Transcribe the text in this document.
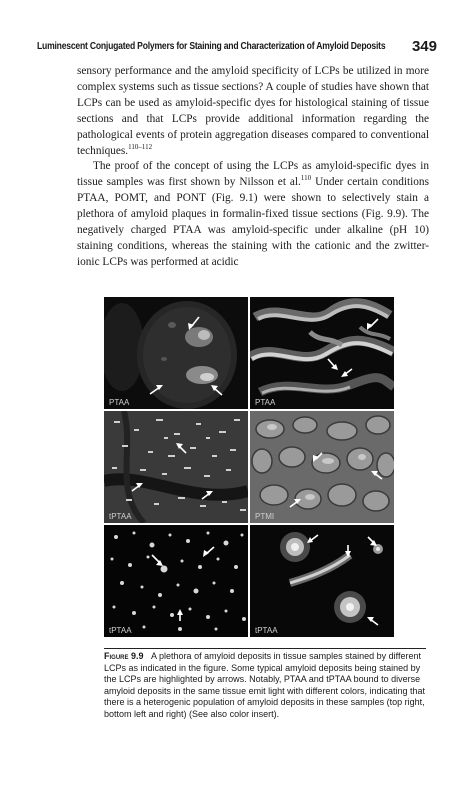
Luminescent Conjugated Polymers for Staining and Characterization of Amyloid Deposits 349

sensory performance and the amyloid specificity of LCPs be utilized in more complex systems such as tissue sections? A couple of studies have shown that LCPs can be used as amyloid-specific dyes for histological staining of tissue sections and that LCPs provide additional information regarding the pathological events of protein aggregation diseases compared to conventional techniques.$^{110-112}$

The proof of the concept of using the LCPs as amyloid-specific dyes in tissue samples was first shown by Nilsson et al.$^{110}$ Under certain conditions PTAA, POMT, and PONT (Fig. 9.1) were shown to selectively stain a plethora of amyloid plaques in formalin-fixed tissue sections (Fig. 9.9). The negatively charged PTAA was amyloid-specific under alkaline (pH 10) staining conditions, whereas the staining with the cationic and the zwitter-ionic LCPs was performed at acidic

PTAA	PTAA
tPTAA	PTMI
tPTAA	tPTAA
Figure 9.9 A plethora of amyloid deposits in tissue samples stained by different LCPs as indicated in the figure. Some typical amyloid deposits being stained by the LCPs are highlighted by arrows. Notably, PTAA and tPTAA bound to diverse amyloid deposits in the same tissue emit light with different colors, indicating that there is a heterogenic population of amyloid deposits in these samples (top right, bottom left and right) (See also color insert).
